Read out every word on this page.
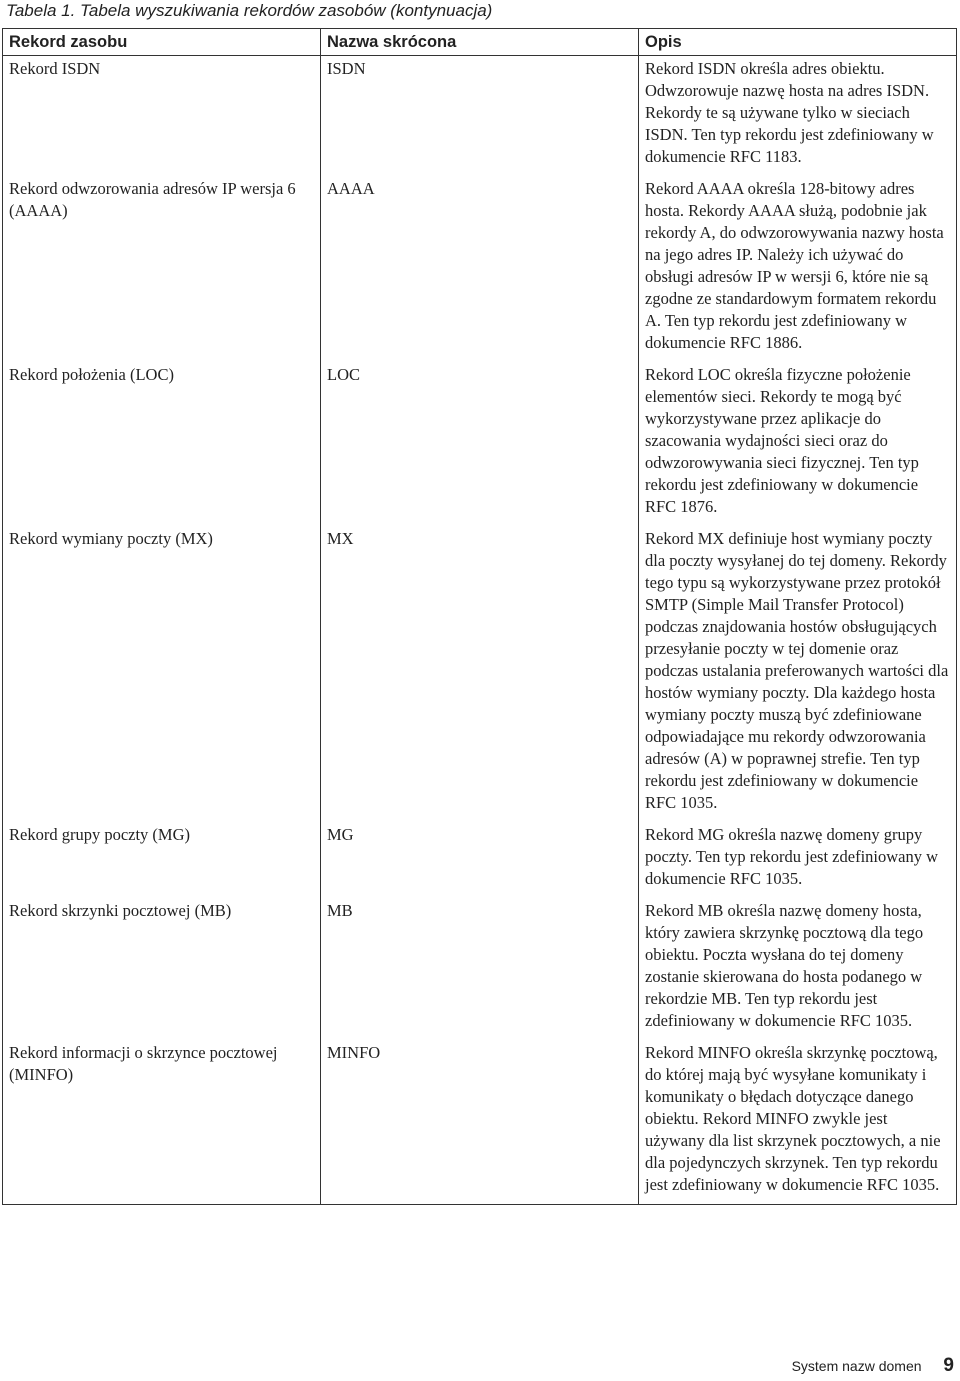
Tabela 1. Tabela wyszukiwania rekordów zasobów (kontynuacja)
Rekord zasobu	Nazwa skrócona	Opis
Rekord ISDN	ISDN	Rekord ISDN określa adres obiektu. Odwzorowuje nazwę hosta na adres ISDN. Rekordy te są używane tylko w sieciach ISDN. Ten typ rekordu jest zdefiniowany w dokumencie RFC 1183.
Rekord odwzorowania adresów IP wersja 6 (AAAA)	AAAA	Rekord AAAA określa 128-bitowy adres hosta. Rekordy AAAA służą, podobnie jak rekordy A, do odwzorowywania nazwy hosta na jego adres IP. Należy ich używać do obsługi adresów IP w wersji 6, które nie są zgodne ze standardowym formatem rekordu A. Ten typ rekordu jest zdefiniowany w dokumencie RFC 1886.
Rekord położenia (LOC)	LOC	Rekord LOC określa fizyczne położenie elementów sieci. Rekordy te mogą być wykorzystywane przez aplikacje do szacowania wydajności sieci oraz do odwzorowywania sieci fizycznej. Ten typ rekordu jest zdefiniowany w dokumencie RFC 1876.
Rekord wymiany poczty (MX)	MX	Rekord MX definiuje host wymiany poczty dla poczty wysyłanej do tej domeny. Rekordy tego typu są wykorzystywane przez protokół SMTP (Simple Mail Transfer Protocol) podczas znajdowania hostów obsługujących przesyłanie poczty w tej domenie oraz podczas ustalania preferowanych wartości dla hostów wymiany poczty. Dla każdego hosta wymiany poczty muszą być zdefiniowane odpowiadające mu rekordy odwzorowania adresów (A) w poprawnej strefie. Ten typ rekordu jest zdefiniowany w dokumencie RFC 1035.
Rekord grupy poczty (MG)	MG	Rekord MG określa nazwę domeny grupy poczty. Ten typ rekordu jest zdefiniowany w dokumencie RFC 1035.
Rekord skrzynki pocztowej (MB)	MB	Rekord MB określa nazwę domeny hosta, który zawiera skrzynkę pocztową dla tego obiektu. Poczta wysłana do tej domeny zostanie skierowana do hosta podanego w rekordzie MB. Ten typ rekordu jest zdefiniowany w dokumencie RFC 1035.
Rekord informacji o skrzynce pocztowej (MINFO)	MINFO	Rekord MINFO określa skrzynkę pocztową, do której mają być wysyłane komunikaty i komunikaty o błędach dotyczące danego obiektu. Rekord MINFO zwykle jest używany dla list skrzynek pocztowych, a nie dla pojedynczych skrzynek. Ten typ rekordu jest zdefiniowany w dokumencie RFC 1035.
System nazw domen 9
